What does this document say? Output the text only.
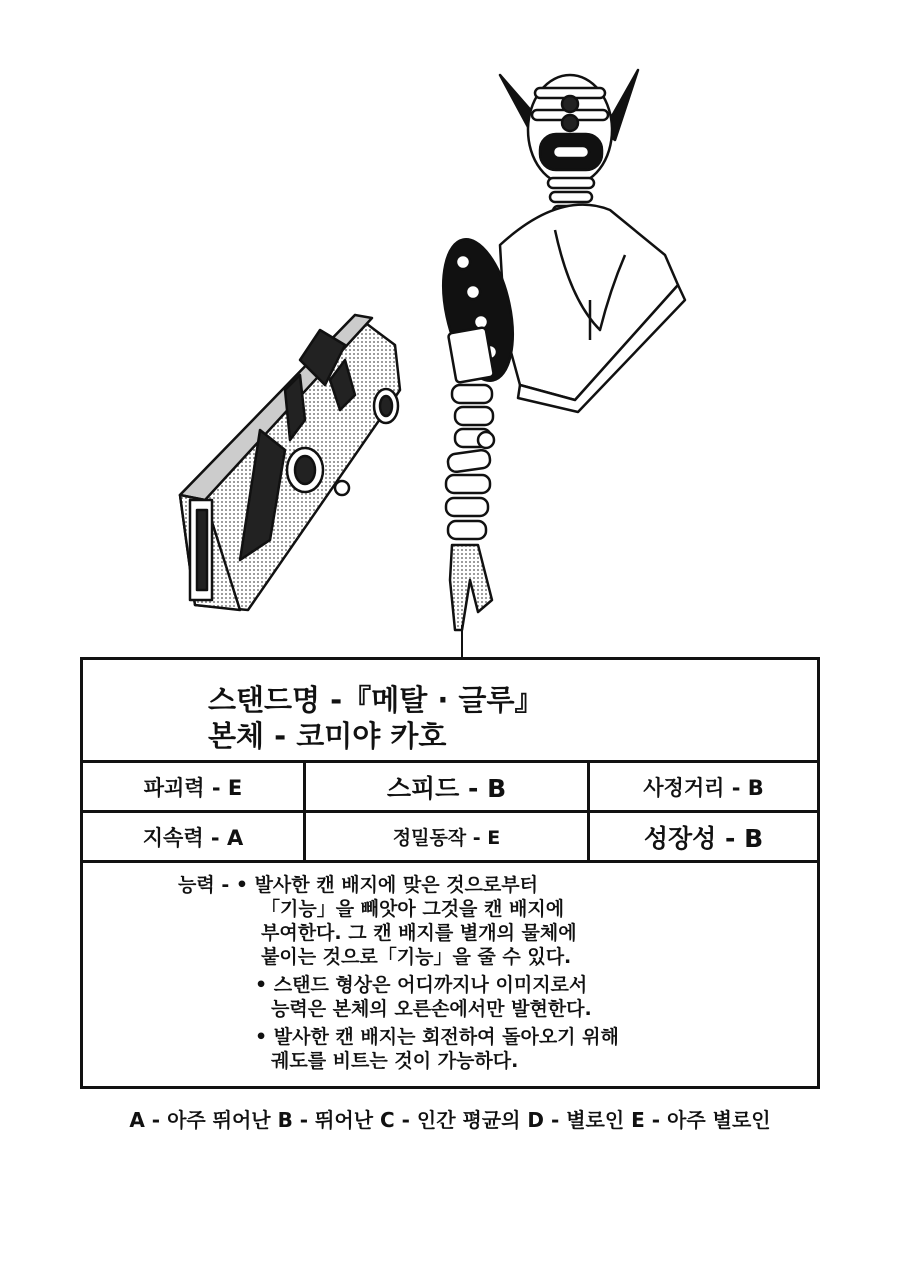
스탠드명 -『메탈 · 글루』
본체 - 코미야 카호
파괴력 - E	스피드 - B	사정거리 - B
지속력 - A	정밀동작 - E	성장성 - B
능력 - • 발사한 캔 배지에 맞은 것으로부터
「기능」을 빼앗아 그것을 캔 배지에
부여한다. 그 캔 배지를 별개의 물체에
붙이는 것으로「기능」을 줄 수 있다.
• 스탠드 형상은 어디까지나 이미지로서
능력은 본체의 오른손에서만 발현한다.
• 발사한 캔 배지는 회전하여 돌아오기 위해
궤도를 비트는 것이 가능하다.
A - 아주 뛰어난 B - 뛰어난 C - 인간 평균의 D - 별로인 E - 아주 별로인
